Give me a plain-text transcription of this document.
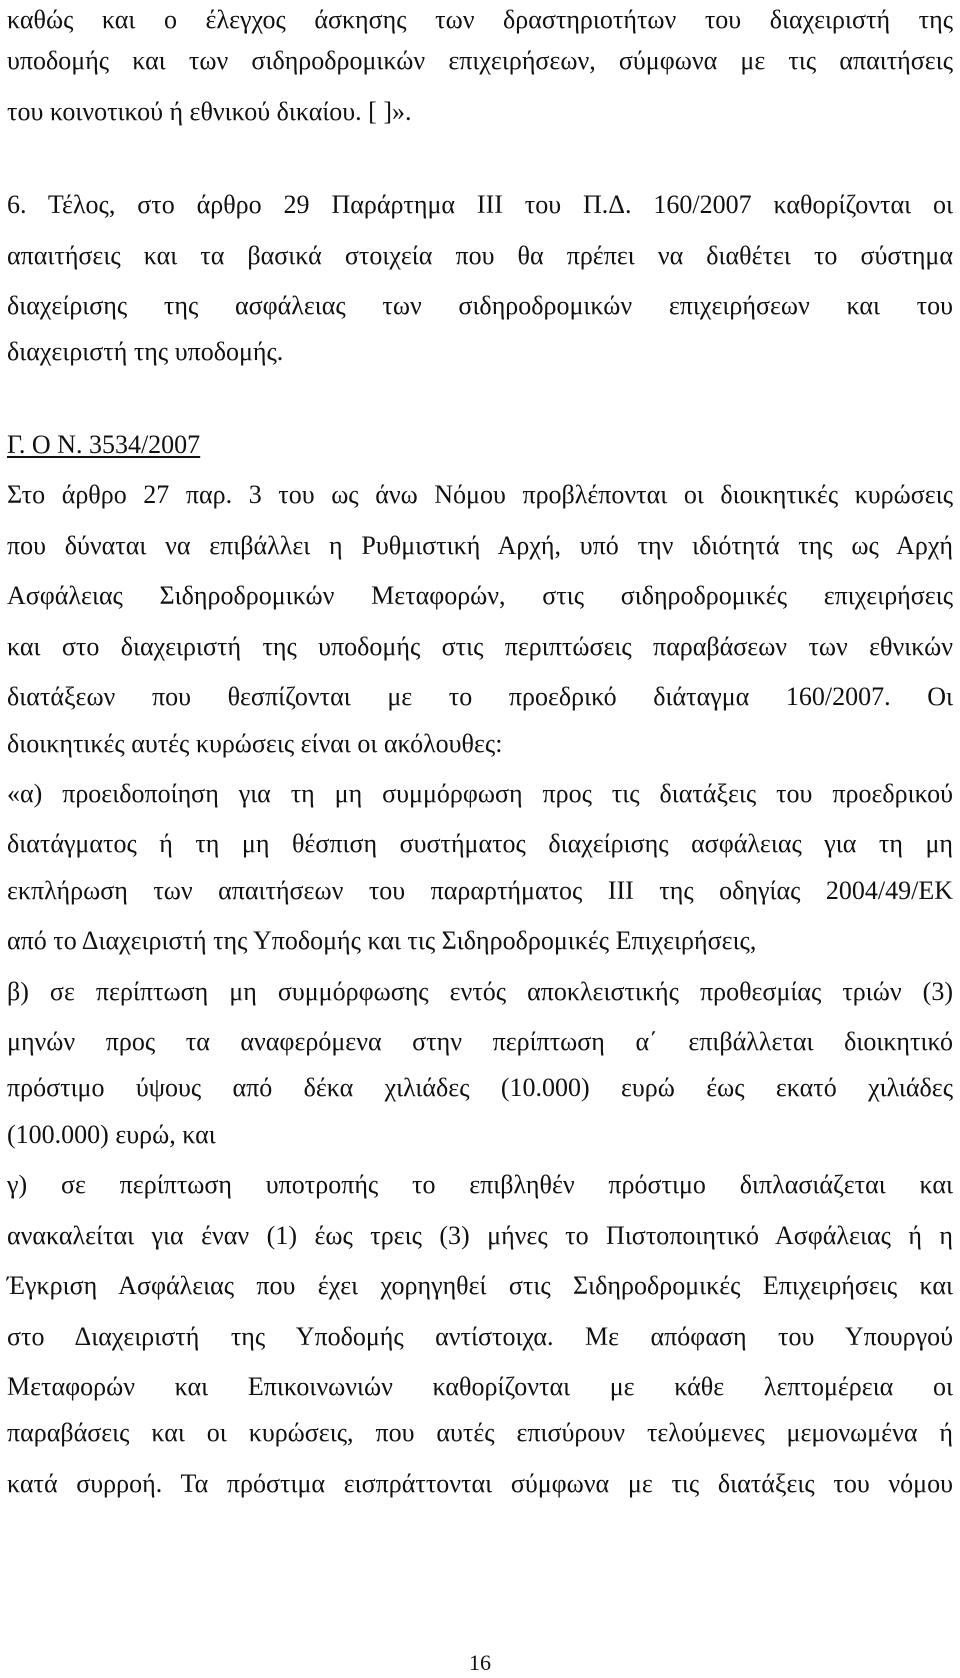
καθώς και ο έλεγχος άσκησης των δραστηριοτήτων του διαχειριστή της
υποδομής και των σιδηροδρομικών επιχειρήσεων, σύμφωνα με τις απαιτήσεις
του κοινοτικού ή εθνικού δικαίου. [ ]».
6. Τέλος, στο άρθρο 29 Παράρτημα ΙΙΙ του Π.Δ. 160/2007 καθορίζονται οι
απαιτήσεις και τα βασικά στοιχεία που θα πρέπει να διαθέτει το σύστημα
διαχείρισης της ασφάλειας των σιδηροδρομικών επιχειρήσεων και του
διαχειριστή της υποδομής.
Γ. Ο Ν. 3534/2007
Στο άρθρο 27 παρ. 3 του ως άνω Νόμου προβλέπονται οι διοικητικές κυρώσεις
που δύναται να επιβάλλει η Ρυθμιστική Αρχή, υπό την ιδιότητά της ως Αρχή
Ασφάλειας Σιδηροδρομικών Μεταφορών, στις σιδηροδρομικές επιχειρήσεις
και στο διαχειριστή της υποδομής στις περιπτώσεις παραβάσεων των εθνικών
διατάξεων που θεσπίζονται με το προεδρικό διάταγμα 160/2007. Οι
διοικητικές αυτές κυρώσεις είναι οι ακόλουθες:
«α) προειδοποίηση για τη μη συμμόρφωση προς τις διατάξεις του προεδρικού
διατάγματος ή τη μη θέσπιση συστήματος διαχείρισης ασφάλειας για τη μη
εκπλήρωση των απαιτήσεων του παραρτήματος ΙΙΙ της οδηγίας 2004/49/ΕΚ
από το Διαχειριστή της Υποδομής και τις Σιδηροδρομικές Επιχειρήσεις,
β) σε περίπτωση μη συμμόρφωσης εντός αποκλειστικής προθεσμίας τριών (3)
μηνών προς τα αναφερόμενα στην περίπτωση α΄ επιβάλλεται διοικητικό
πρόστιμο ύψους από δέκα χιλιάδες (10.000) ευρώ έως εκατό χιλιάδες
(100.000) ευρώ, και
γ) σε περίπτωση υποτροπής το επιβληθέν πρόστιμο διπλασιάζεται και
ανακαλείται για έναν (1) έως τρεις (3) μήνες το Πιστοποιητικό Ασφάλειας ή η
Έγκριση Ασφάλειας που έχει χορηγηθεί στις Σιδηροδρομικές Επιχειρήσεις και
στο Διαχειριστή της Υποδομής αντίστοιχα. Με απόφαση του Υπουργού
Μεταφορών και Επικοινωνιών καθορίζονται με κάθε λεπτομέρεια οι
παραβάσεις και οι κυρώσεις, που αυτές επισύρουν τελούμενες μεμονωμένα ή
κατά συρροή. Τα πρόστιμα εισπράττονται σύμφωνα με τις διατάξεις του νόμου
16
